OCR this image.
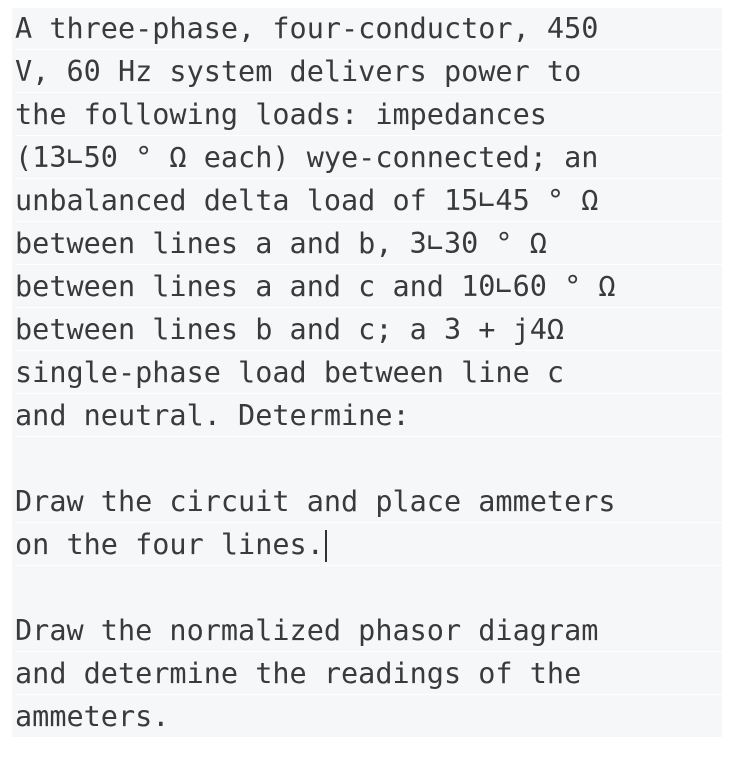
A three-phase, four-conductor, 450
V, 60 Hz system delivers power to
the following loads: impedances
(13∟50 ° Ω each) wye-connected; an
unbalanced delta load of 15∟45 ° Ω
between lines a and b, 3∟30 ° Ω
between lines a and c and 10∟60 ° Ω
between lines b and c; a 3 + j4Ω
single-phase load between line c
and neutral. Determine:
Draw the circuit and place ammeters
on the four lines.
Draw the normalized phasor diagram
and determine the readings of the
ammeters.
